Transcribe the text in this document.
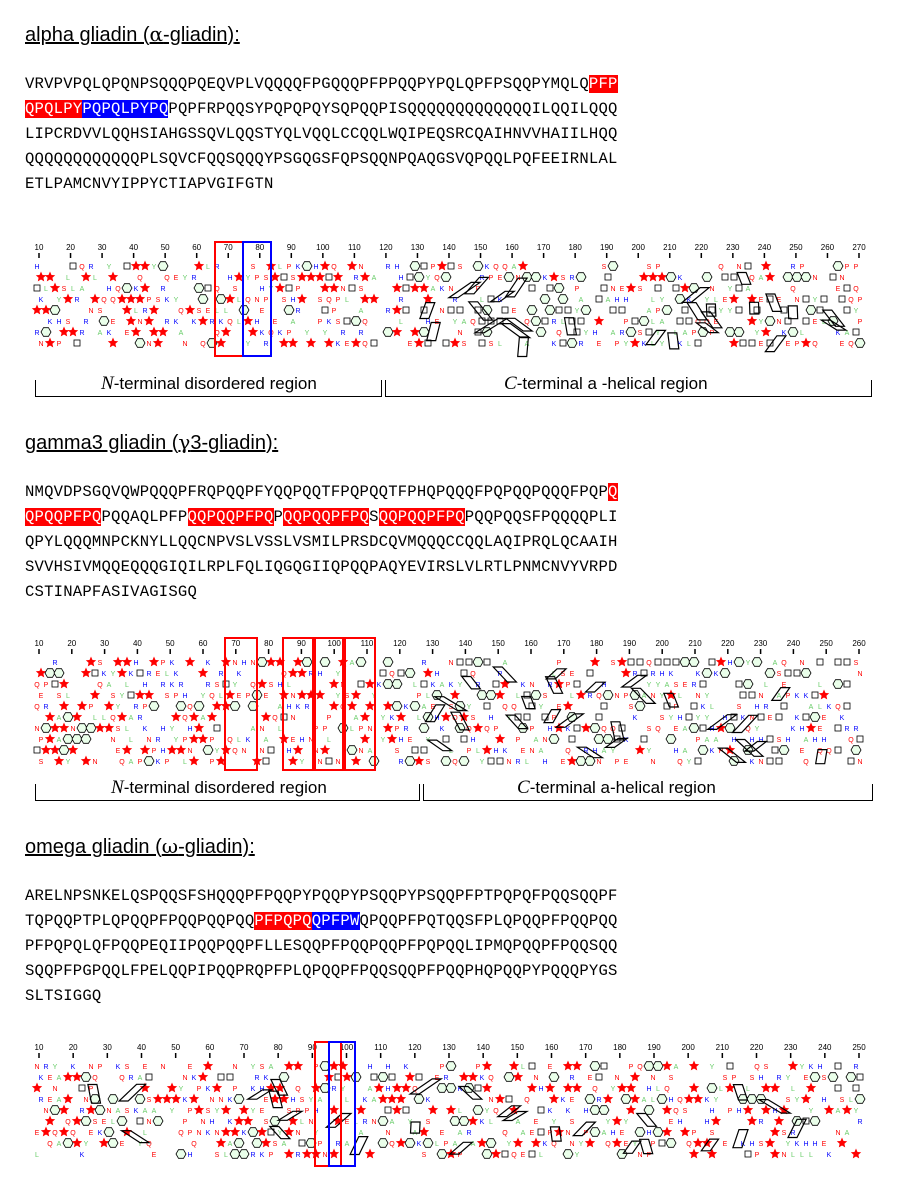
alpha gliadin (α-gliadin):
VRVPVPQLQPQNPSQQQPQEQVPLVQQQQFPGQQQPFPPQQPYPQLQPFPSQQPYMQLQPFP
QPQLPYPQPQLPYPQPQPFRPQQSYPQPQPQYSQPQQPISQQQQQQQQQQQQQILQQILQQQ
LIPCRDVVLQQHSIAHGSSQVLQQSTYQLVQQLCCQQLWQIPEQSRCQAIHNVVHAIILHQQ
QQQQQQQQQQQQPLSQVCFQQSQQQYPSGQGSFQPSQQNPQAQGSVQPQQLPQFEEIRNLAL
ETLPAMCNVYIPPYCTIAPVGIFGTN
10	20	30	40	50	60	70	80	90	100 110 120 130 140 150 160 170 180 190 200 210 220 230 240 250 260 270
H
K
R
N
L
K
Y
H
P
L
S
S
L
R
Q
A
R
R
R
L
N
Q
S
A
Y
H
Q
E
K
Q
E
Q
K
L
N
P
R
N
Y
S
Q
R
K
R
E
Y
K
Y
Q
A
N
R
K
S
Q
L
E
R
R
Q
L
K
Q
H
L
Q
S
L
L
Y
Q
Y
S
P
N
H
S
H
P
E
K
R
Y
E
Q
L
S
K
P
S
H
A
P
K
P
R
Y
H
S
P
Q
K
Y
Q
P
P
S
K
N
L
R
E
R
N
S
A
Q
R
Q
A
R
R
H
H
R
L
E
Y
H
P
Q
A
E
K
N
N
R
Y
S
A
N
S
Q
R
P
L
K
P
S
Q
E
K
L
Q A
N
E
Q
A
K
R
K
S
L
Q
R
P
A
Y
R
Y H
E
S
A
N
H
A
P
E
H
P
R
Y
S
S
K
S
L
A
L
L
P
Y
P
A
Y
Y
K
L
K
K
A
L
Q
P
Y
Q
N
L
E
P
Q
E
Y
Y
Y
N
Q
A
A
E
Y
Y
E
E
N
K
E
R
Q
N
P
P
L
N
Y
E
Q
L
N
E
K
E
P
Q
A
Q
P
Q
P
Y
P
N-terminal disordered region	C-terminal a -helical region
gamma3 gliadin (γ3-gliadin):
NMQVDPSGQVQWPQQQPFRQPQQPFYQQPQQTFPQPQQTFPHQPQQQFPQPQQPQQQFPQPQ
QPQQPFPQPQQAQLPFPQQPQQPFPQPQQPQQPFPQSQQPQQPFPQPQQPQQSFPQQQQPLI
QPYLQQQMNPCKNYLLQQCNPVSLVSSLVSMILPRSDCQVMQQQCCQQLAQIPRQLQCAAIH
SVVHSIVMQQEQQQGIQILRPLFQLIQGQGIIQPQQPAQYEVIRSLVLRTLPNMCNVYVRPD
CSTINAPFASIVAGISGQ
10	20	30	40	50	60	70	80	90	100 110 120 130 140 150 160 170 180 190 200 210 220 230 240 250 260
Q
E
Q
N
P
S
P
R
R
S
A
A
L
Y
N
P
L
N
S
K
Q
L
Y
A
S
Q
N
Y
Y
S
E
Q
K
L
A
L
L
A
H
R
R
P
R
H
P
K
N
E
R
P
K
P
L
R
S
H
H
P
K
K
K
P
Y
Y
R
H
Q
P
L
Q
H
N
Y
A
K
R
Q
P
P
R
S
L
Y
Q
N
K
Y
E
L
Q
H
P
K
N
N
Q
A
E
N
A
N
S
Q
Q
H
A
L
L
N
H
N
E
H
K
H
Y
R
R
N
H
P
N
N
P
P
L
Y
Y
N
N
S
Q
A
A
L P
N
Y
N
A
K
Y
Y
Q
K
P
H
S
R
K
R
E
L
P
L
R
L
A
Y
S
H
K
E
H
A
K
N
K
S
Q
L
Q
Y
Q
Y
S
Q
H
P
R
L
Y
H
Q
R
P
H
A
Q
Y
K
N
L
Q
P
R
K
E
L
N
P
A
N
S
Y
N
A
H
L
R
P
H
P
S
E
E
E
P
L
K
Q
R
R
Q
H
N
H
Q
A
S
N
Q
Y
P
P
K
E
R
S
K
A
Q
R
Y
N
S
Y
N
H
Y
Y
S
Q
K
A
Y
S
L
P
H
E
H
Q
E
A
A
Y
K
R
N
Y
P
Y
K
Y
A
K
L
H
A
K
H
P
H
H
S
K
Y
N
Q
H
K
N
H
Y
H
N
L
R
E
A
S
A
S
Q
E
P
H
K
K
K
N
K
H
A
E
Q
A
H
L
L
E
E
H
Q
K
Q
Q
K
R
Q
S
N
R
N
N-terminal disordered region	C-terminal a-helical region
omega gliadin (ω-gliadin):
ARELNPSNKELQSPQQSFSHQQQPFPQQPYPQQPYPSQQPYPSQQPFPTPQPQFPQQSQQPF
TQPQQPTPLQPQQPFPQQPQQPQQPFPQPQQPFPWQPQQPFPQTQQSFPLQPQQPFPQQPQQ
PFPQPQLQFPQQPEQIIPQQPQQPFLLESQQPFPQQPQQPFPQPQQLIPMQPQQPFPQQSQQ
SQQPFPGPQQLFPELQQPIPQQPRQPFPLQPQQPFPQQSQQPFPQQPHQPQQPYPQQQPYGS
SLTSIGGQ
10	20	30	40	50	60	70	80	90	100	110	120	130	140	150	160	170	180	190	200	210	220	230	240	250
N
K
R
E
L
R
E
E
N
Q
Y
A
N
A
Q
A
Q
K
Q
N
R
Y
K
N
Q
P
S
E
P
E
K
N
L
K
Q
A
E
S
R
S
A
K
Y
E
S
A
N
L
Q
A
E
N
Y
N
Y
K
P
Q
E
K
P
P
Q
H
P
N
N
K
N
S
H
K
N
Y
N
S
K
K
A
L
N
P
K
Y
R
K
Y
R
S
K
H
E
E
S
K
A
S
P
Y
A
H
S
Q
S
P
L
N
R
Y
P
N
P
A
H
Y
P
N
R
R
Y
L
E
A
L
K
R
A
H
A
A
N
H
H
A
N
Q
K
Y
Q
A
K
K
S
S
E
L
P
R
E
P A
K
L
A
P
R
A
P
K
K
Q
N
Y
L
Q
Q
Y
A
Q
L
Q
A
E
N
E
E
H
K
L
E
K
Y
P
Q
K
R
E
K
S
N
N Y
Y
E
H
P
Q
R
Y
A
Q
N
Y
H
Y
E
E
P
Y
Q
A
N
N
H
L
H
P
P
L
S
Q
H
E
A
Q
Q
H
S
Q
P
K
H
Y
Y
H
S
S
L
E
P
P H
K
S
L
H
Q
H
R
S
P
S
R
H
Y
S
S
Y
N
L
Y
R
K
L
Y
E
H
L
K
Y
H
L
H
S
H
E
K
S
A
N
L
A
R
Y
R
